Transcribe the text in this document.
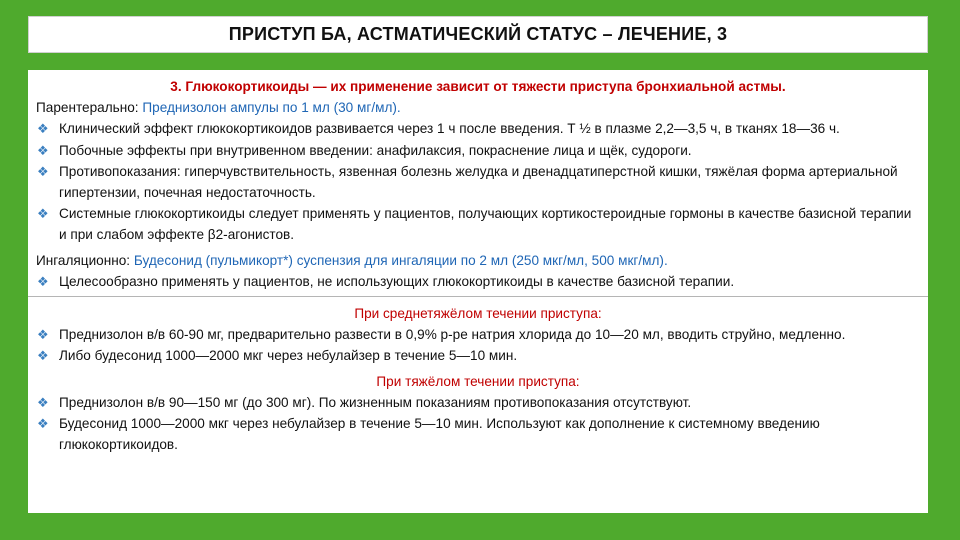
ПРИСТУП БА, АСТМАТИЧЕСКИЙ СТАТУС – ЛЕЧЕНИЕ, 3

3. Глюкокортикоиды — их применение зависит от тяжести приступа бронхиальной астмы.

Парентерально: Преднизолон ампулы по 1 мл (30 мг/мл).

❖ Клинический эффект глюкокортикоидов развивается через 1 ч после введения. Т ½ в плазме 2,2—3,5 ч, в тканях 18—36 ч.

❖ Побочные эффекты при внутривенном введении: анафилаксия, покраснение лица и щёк, судороги.

❖ Противопоказания: гиперчувствительность, язвенная болезнь желудка и двенадцатиперстной кишки, тяжёлая форма артериальной гипертензии, почечная недостаточность.

❖ Системные глюкокортикоиды следует применять у пациентов, получающих кортикостероидные гормоны в качестве базисной терапии и при слабом эффекте β2-агонистов.

Ингаляционно: Будесонид (пульмикорт*) суспензия для ингаляции по 2 мл (250 мкг/мл, 500 мкг/мл).

❖ Целесообразно применять у пациентов, не использующих глюкокортикоиды в качестве базисной терапии.

При среднетяжёлом течении приступа:

❖ Преднизолон в/в 60-90 мг, предварительно развести в 0,9% р-ре натрия хлорида до 10—20 мл, вводить струйно, медленно.

❖ Либо будесонид 1000—2000 мкг через небулайзер в течение 5—10 мин.

При тяжёлом течении приступа:

❖ Преднизолон в/в 90—150 мг (до 300 мг). По жизненным показаниям противопоказания отсутствуют.

❖ Будесонид 1000—2000 мкг через небулайзер в течение 5—10 мин. Используют как дополнение к системному введению глюкокортикоидов.
